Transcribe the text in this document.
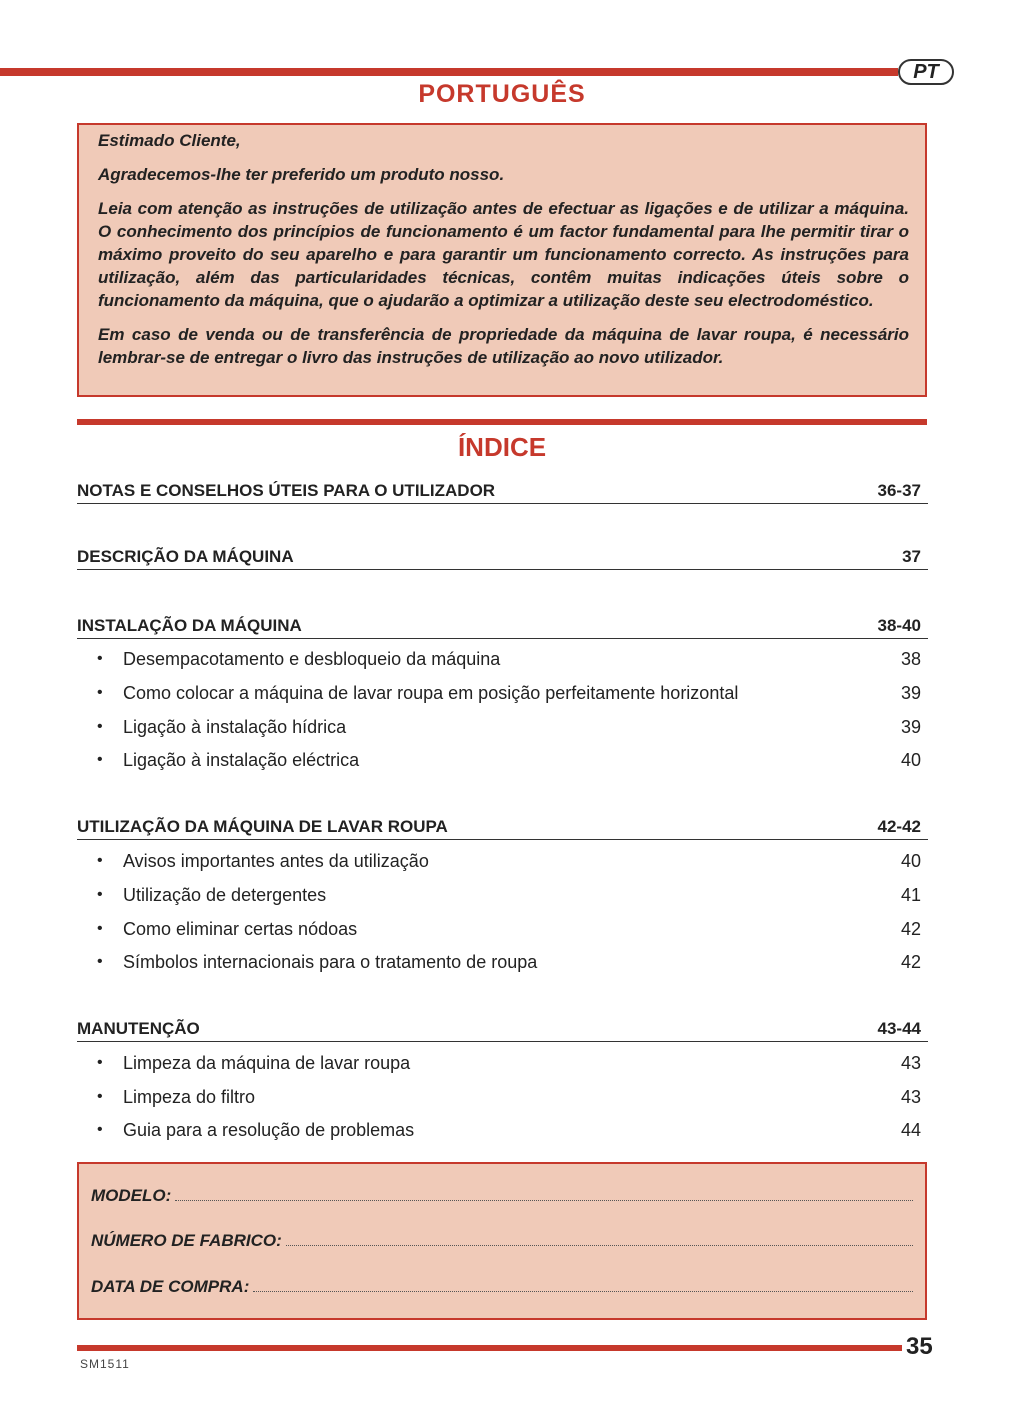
PT
PORTUGUÊS

Estimado Cliente,

Agradecemos-lhe ter preferido um produto nosso.

Leia com atenção as instruções de utilização antes de efectuar as ligações e de utilizar a máquina. O conhecimento dos princípios de funcionamento é um factor fundamental para lhe permitir tirar o máximo proveito do seu aparelho e para garantir um funcionamento correcto. As instruções para utilização, além das particularidades técnicas, contêm muitas indicações úteis sobre o funcionamento da máquina, que o ajudarão a optimizar a utilização deste seu electrodoméstico.

Em caso de venda ou de transferência de propriedade da máquina de lavar roupa, é necessário lembrar-se de entregar o livro das instruções de utilização ao novo utilizador.

ÍNDICE
NOTAS E CONSELHOS ÚTEIS PARA O UTILIZADOR	36-37
DESCRIÇÃO DA MÁQUINA	37
INSTALAÇÃO DA MÁQUINA	38-40
• Desempacotamento e desbloqueio da máquina	38
• Como colocar a máquina de lavar roupa em posição perfeitamente horizontal	39
• Ligação à instalação hídrica	39
• Ligação à instalação eléctrica	40
UTILIZAÇÃO DA MÁQUINA DE LAVAR ROUPA	42-42
• Avisos importantes antes da utilização	40
• Utilização de detergentes	41
• Como eliminar certas nódoas	42
• Símbolos internacionais para o tratamento de roupa	42
MANUTENÇÃO	43-44
• Limpeza da máquina de lavar roupa	43
• Limpeza do filtro	43
• Guia para a resolução de problemas	44
MODELO :
NÚMERO DE FABRICO :
DATA DE COMPRA :
35
SM1511
